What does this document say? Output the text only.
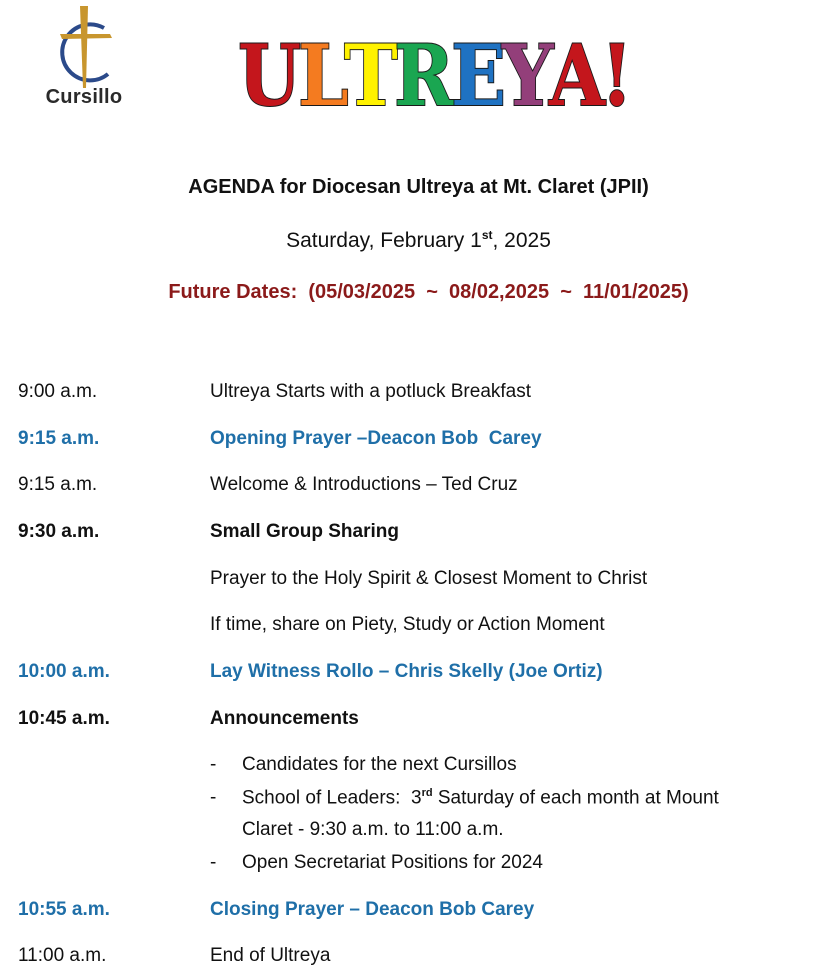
Cursillo U L
T
R E
Y
A
!
AGENDA for Diocesan Ultreya at Mt. Claret (JPII)
Saturday, February 1st, 2025
Future Dates:  (05/03/2025  ~  08/02,2025  ~  11/01/2025)
9:00 a.m.	Ultreya Starts with a potluck Breakfast
9:15 a.m.	Opening Prayer –Deacon Bob  Carey
9:15 a.m.	Welcome & Introductions – Ted Cruz
9:30 a.m.	Small Group Sharing
Prayer to the Holy Spirit & Closest Moment to Christ
If time, share on Piety, Study or Action Moment
10:00 a.m.	Lay Witness Rollo – Chris Skelly (Joe Ortiz)
10:45 a.m.	Announcements
- Candidates for the next Cursillos
- School of Leaders:  3rd Saturday of each month at Mount
Claret - 9:30 a.m. to 11:00 a.m.
- Open Secretariat Positions for 2024
10:55 a.m.	Closing Prayer – Deacon Bob Carey
11:00 a.m.	End of Ultreya
